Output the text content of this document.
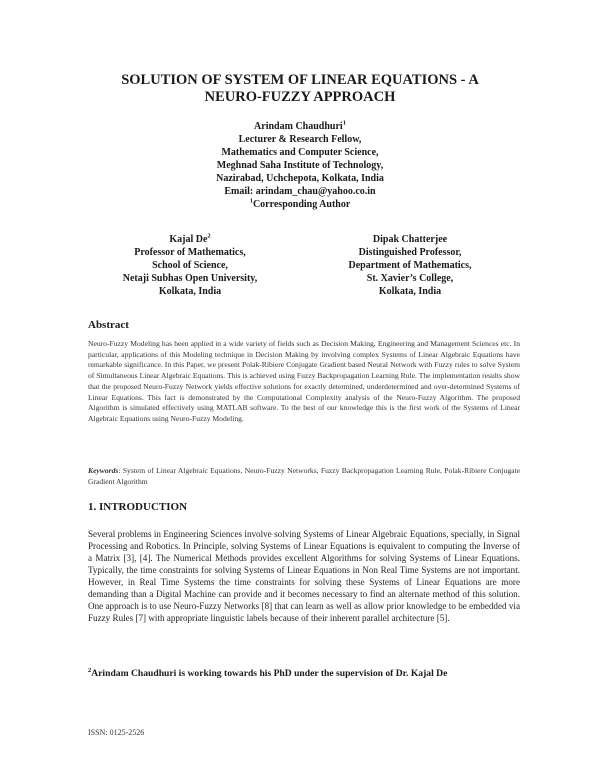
SOLUTION OF SYSTEM OF LINEAR EQUATIONS - A
NEURO-FUZZY APPROACH
Arindam Chaudhuri$^1$
Lecturer & Research Fellow,
Mathematics and Computer Science,
Meghnad Saha Institute of Technology,
Nazirabad, Uchchepota, Kolkata, India
Email: arindam_chau@yahoo.co.in
$^1$Corresponding Author
Kajal De$^2$
Professor of Mathematics,
School of Science,
Netaji Subhas Open University,
Kolkata, India
Dipak Chatterjee
Distinguished Professor,
Department of Mathematics,
St. Xavier’s College,
Kolkata, India
Abstract
Neuro-Fuzzy Modeling has been applied in a wide variety of fields such as Decision Making, Engineering and Management Sciences etc. In particular, applications of this Modeling technique in Decision Making by involving complex Systems of Linear Algebraic Equations have remarkable significance. In this Paper, we present Polak-Ribiere Conjugate Gradient based Neural Network with Fuzzy rules to solve System of Simultaneous Linear Algebraic Equations. This is achieved using Fuzzy Backpropagation Learning Rule. The implementation results show that the proposed Neuro-Fuzzy Network yields effective solutions for exactly determined, underdetermined and over-determined Systems of Linear Equations. This fact is demonstrated by the Computational Complexity analysis of the Neuro-Fuzzy Algorithm. The proposed Algorithm is simulated effectively using MATLAB software. To the best of our knowledge this is the first work of the Systems of Linear Algebraic Equations using Neuro-Fuzzy Modeling.
Keywords: System of Linear Algebraic Equations, Neuro-Fuzzy Networks, Fuzzy Backpropagation Learning Rule, Polak-Ribiere Conjugate Gradient Algorithm
1. INTRODUCTION
Several problems in Engineering Sciences involve solving Systems of Linear Algebraic Equations, specially, in Signal Processing and Robotics. In Principle, solving Systems of Linear Equations is equivalent to computing the Inverse of a Matrix [3], [4]. The Numerical Methods provides excellent Algorithms for solving Systems of Linear Equations. Typically, the time constraints for solving Systems of Linear Equations in Non Real Time Systems are not important. However, in Real Time Systems the time constraints for solving these Systems of Linear Equations are more demanding than a Digital Machine can provide and it becomes necessary to find an alternate method of this solution. One approach is to use Neuro-Fuzzy Networks [8] that can learn as well as allow prior knowledge to be embedded via Fuzzy Rules [7] with appropriate linguistic labels because of their inherent parallel architecture [5].
$^2$Arindam Chaudhuri is working towards his PhD under the supervision of Dr. Kajal De
ISSN: 0125-2526
